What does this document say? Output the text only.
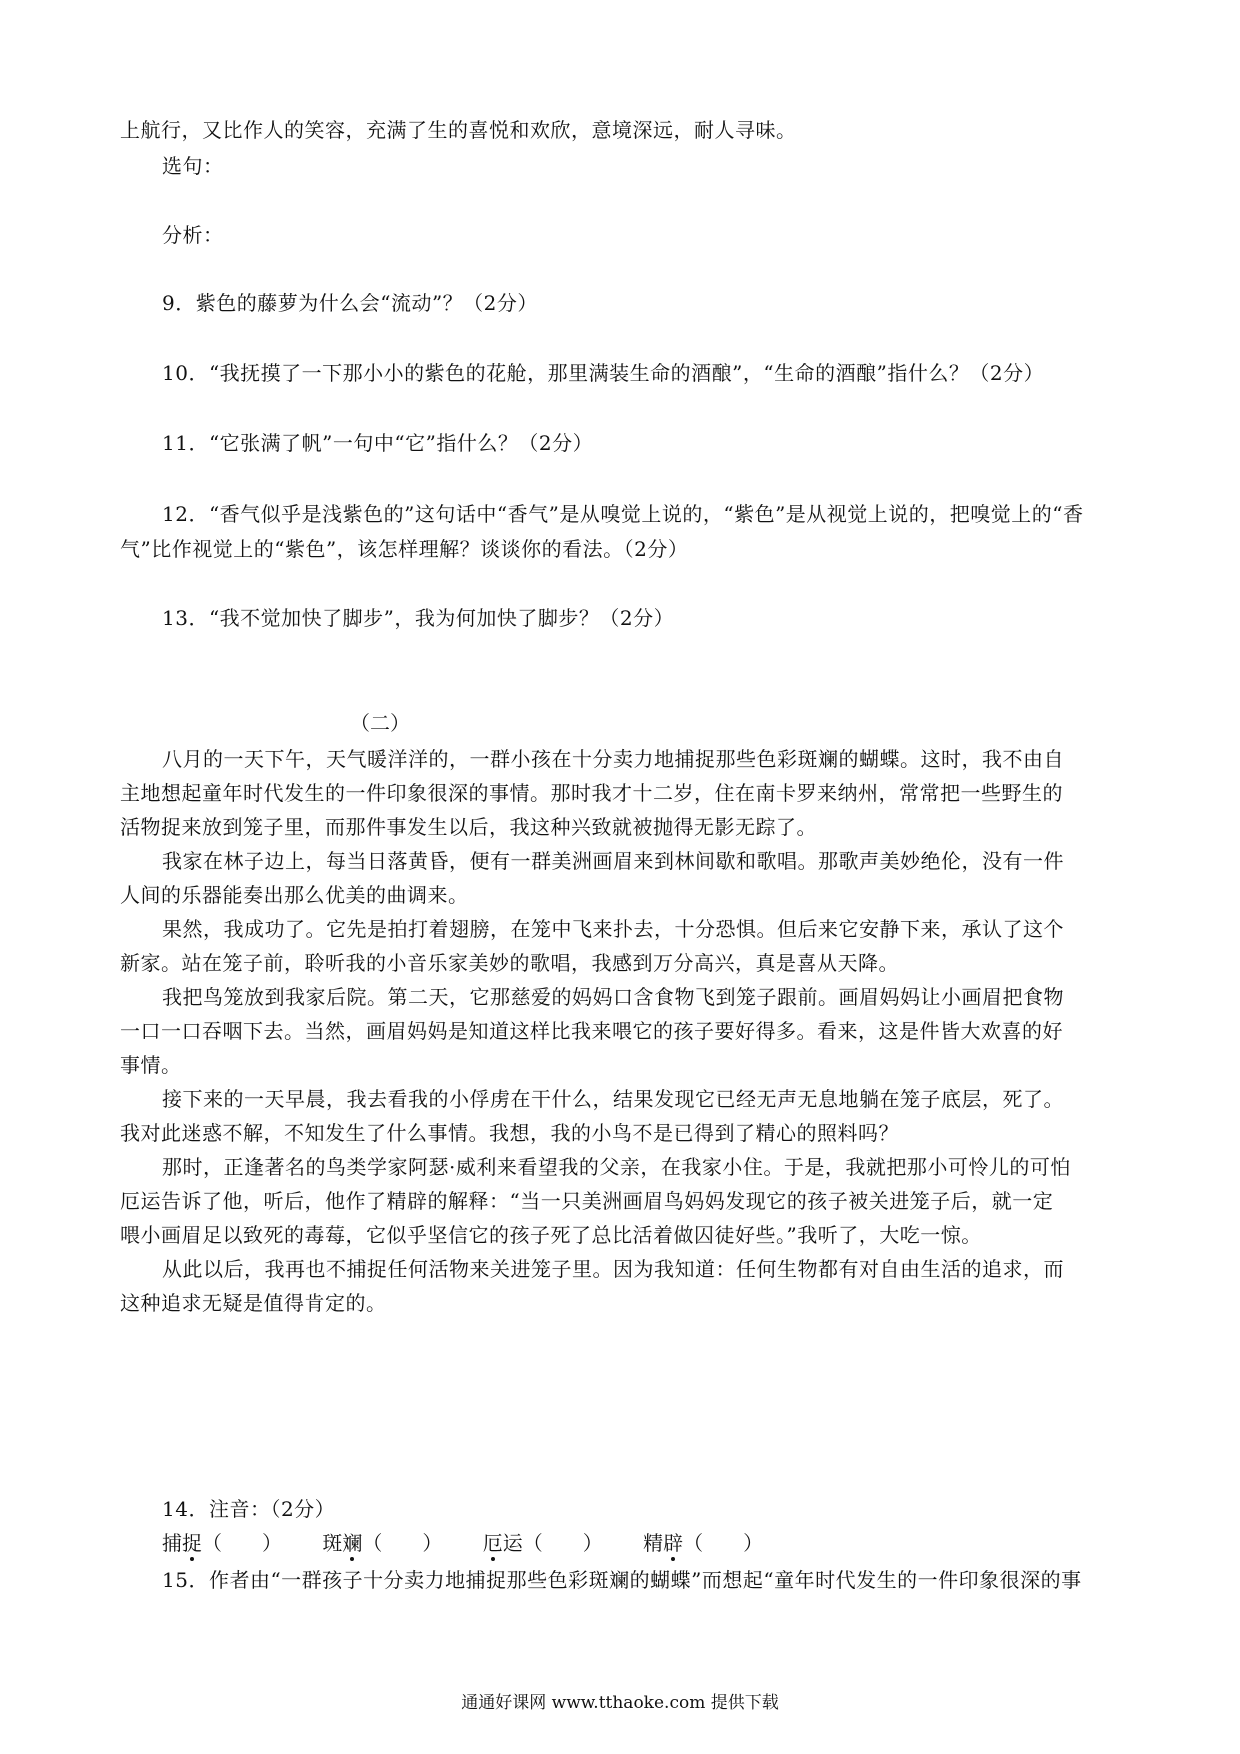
上航行，又比作人的笑容，充满了生的喜悦和欢欣，意境深远，耐人寻味。
选句：
分析：
9．紫色的藤萝为什么会“流动”？（2分）
10．“我抚摸了一下那小小的紫色的花舱，那里满装生命的酒酿”，“生命的酒酿”指什么？（2分）
11．“它张满了帆”一句中“它”指什么？（2分）
12．“香气似乎是浅紫色的”这句话中“香气”是从嗅觉上说的，“紫色”是从视觉上说的，把嗅觉上的“香
气”比作视觉上的“紫色”，该怎样理解？谈谈你的看法。（2分）
13．“我不觉加快了脚步”，我为何加快了脚步？（2分）
（二）
八月的一天下午，天气暖洋洋的，一群小孩在十分卖力地捕捉那些色彩斑斓的蝴蝶。这时，我不由自
主地想起童年时代发生的一件印象很深的事情。那时我才十二岁，住在南卡罗来纳州，常常把一些野生的
活物捉来放到笼子里，而那件事发生以后，我这种兴致就被抛得无影无踪了。
我家在林子边上，每当日落黄昏，便有一群美洲画眉来到林间歇和歌唱。那歌声美妙绝伦，没有一件
人间的乐器能奏出那么优美的曲调来。
果然，我成功了。它先是拍打着翅膀，在笼中飞来扑去，十分恐惧。但后来它安静下来，承认了这个
新家。站在笼子前，聆听我的小音乐家美妙的歌唱，我感到万分高兴，真是喜从天降。
我把鸟笼放到我家后院。第二天，它那慈爱的妈妈口含食物飞到笼子跟前。画眉妈妈让小画眉把食物
一口一口吞咽下去。当然，画眉妈妈是知道这样比我来喂它的孩子要好得多。看来，这是件皆大欢喜的好
事情。
接下来的一天早晨，我去看我的小俘虏在干什么，结果发现它已经无声无息地躺在笼子底层，死了。
我对此迷惑不解，不知发生了什么事情。我想，我的小鸟不是已得到了精心的照料吗？
那时，正逢著名的鸟类学家阿瑟·威利来看望我的父亲，在我家小住。于是，我就把那小可怜儿的可怕
厄运告诉了他，听后，他作了精辟的解释：“当一只美洲画眉鸟妈妈发现它的孩子被关进笼子后，就一定
喂小画眉足以致死的毒莓，它似乎坚信它的孩子死了总比活着做囚徒好些。”我听了，大吃一惊。
从此以后，我再也不捕捉任何活物来关进笼子里。因为我知道：任何生物都有对自由生活的追求，而
这种追求无疑是值得肯定的。
14．注音：（2分）
捕捉（　　） 斑斓（　　） 厄运（　　） 精辟（　　）
15．作者由“一群孩子十分卖力地捕捉那些色彩斑斓的蝴蝶”而想起“童年时代发生的一件印象很深的事
通通好课网 www.tthaoke.com 提供下载
